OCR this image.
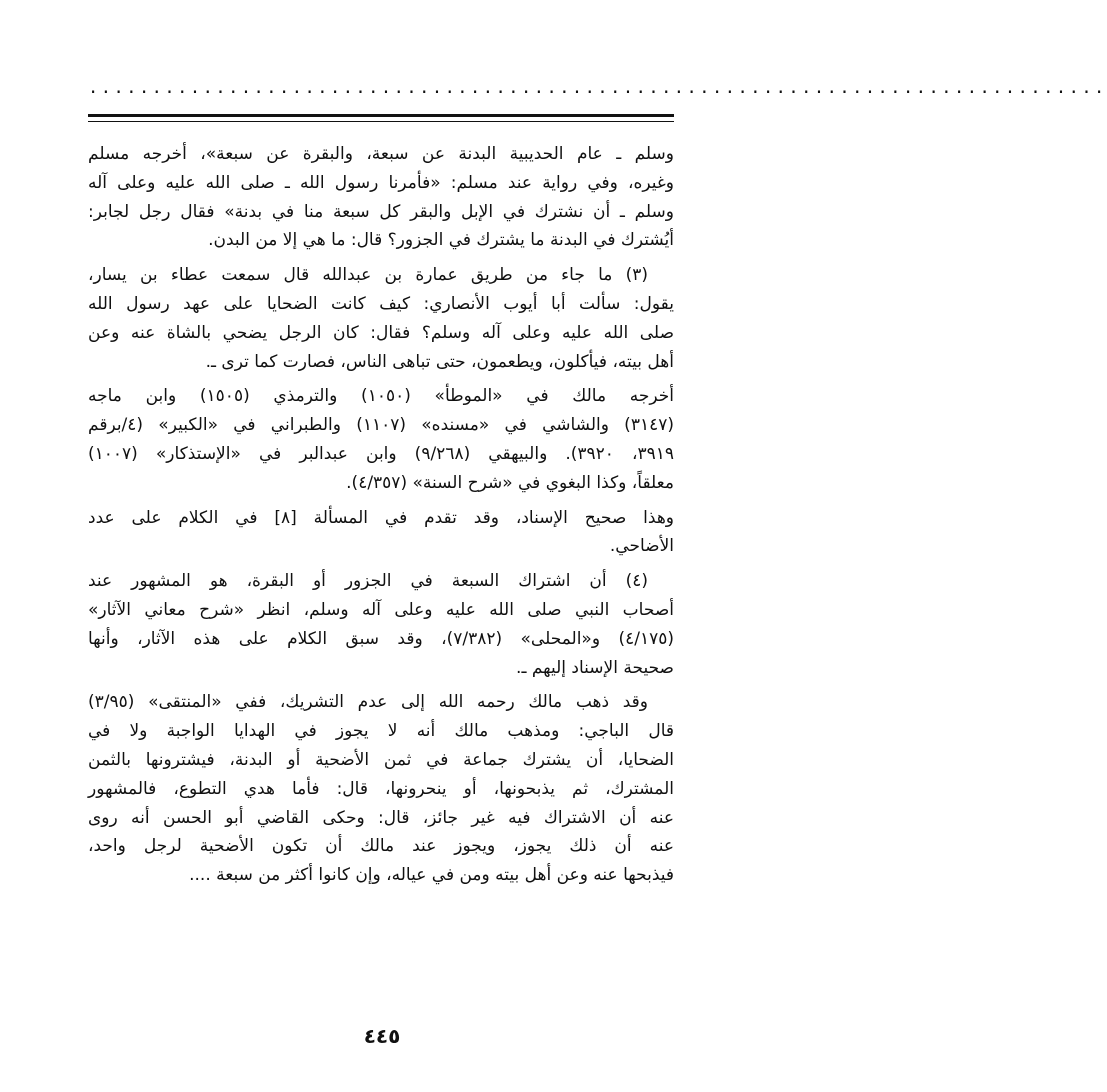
................................................................................

وسلم ـ عام الحديبية البدنة عن سبعة، والبقرة عن سبعة»، أخرجه مسلم
وغيره، وفي رواية عند مسلم: «فأمرنا رسول الله ـ صلى الله عليه وعلى آله
وسلم ـ أن نشترك في الإبل والبقر كل سبعة منا في بدنة» فقال رجل لجابر:
أيُشترك في البدنة ما يشترك في الجزور؟ قال: ما هي إلا من البدن.

(٣) ما جاء من طريق عمارة بن عبدالله قال سمعت عطاء بن يسار،
يقول: سألت أبا أيوب الأنصاري: كيف كانت الضحايا على عهد رسول الله
صلى الله عليه وعلى آله وسلم؟ فقال: كان الرجل يضحي بالشاة عنه وعن
أهل بيته، فيأكلون، ويطعمون، حتى تباهى الناس، فصارت كما ترى ـ.

أخرجه مالك في «الموطأ» (١٠٥٠) والترمذي (١٥٠٥) وابن ماجه
(٣١٤٧) والشاشي في «مسنده» (١١٠٧) والطبراني في «الكبير» (٤/برقم
٣٩١٩، ٣٩٢٠). والبيهقي (٩/٢٦٨) وابن عبدالبر في «الإستذكار» (١٠٠٧)
معلقاً، وكذا البغوي في «شرح السنة» (٤/٣٥٧).

وهذا صحيح الإسناد، وقد تقدم في المسألة [٨] في الكلام على عدد
الأضاحي.

(٤) أن اشتراك السبعة في الجزور أو البقرة، هو المشهور عند
أصحاب النبي صلى الله عليه وعلى آله وسلم، انظر «شرح معاني الآثار»
(٤/١٧٥) و«المحلى» (٧/٣٨٢)، وقد سبق الكلام على هذه الآثار، وأنها
صحيحة الإسناد إليهم ـ.

وقد ذهب مالك رحمه الله إلى عدم التشريك، ففي «المنتقى» (٣/٩٥)
قال الباجي: ومذهب مالك أنه لا يجوز في الهدايا الواجبة ولا في
الضحايا، أن يشترك جماعة في ثمن الأضحية أو البدنة، فيشترونها بالثمن
المشترك، ثم يذبحونها، أو ينحرونها، قال: فأما هدي التطوع، فالمشهور
عنه أن الاشتراك فيه غير جائز، قال: وحكى القاضي أبو الحسن أنه روى
عنه أن ذلك يجوز، ويجوز عند مالك أن تكون الأضحية لرجل واحد،
فيذبحها عنه وعن أهل بيته ومن في عياله، وإن كانوا أكثر من سبعة ....

٤٤٥
